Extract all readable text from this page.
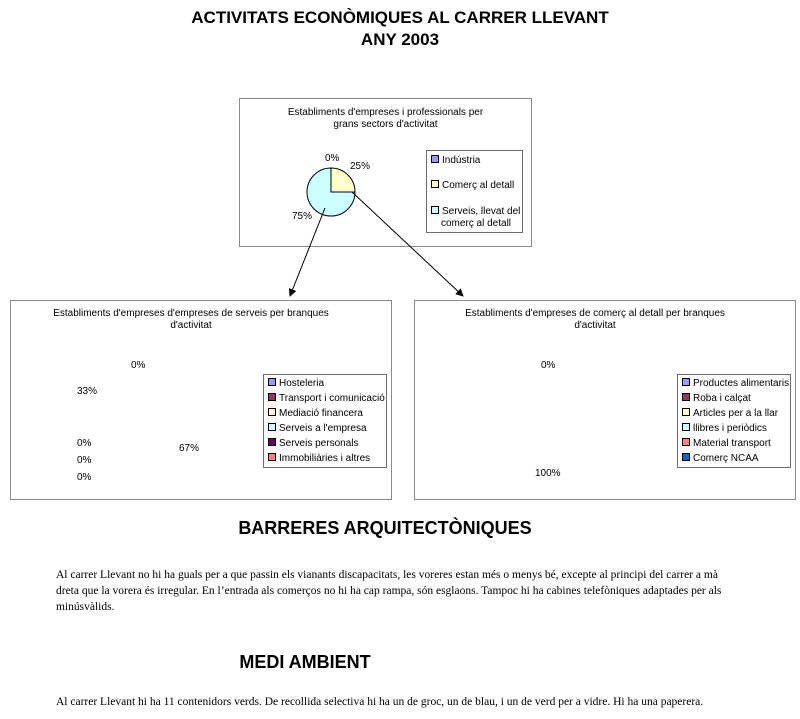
ACTIVITATS ECONÒMIQUES AL CARRER LLEVANT
ANY 2003
Establiments d'empreses i professionals per
grans sectors d'activitat
Indústria
Comerç al detall
Serveis, llevat del
comerç al detall
0%
25%
75%
Establiments d'empreses d'empreses de serveis per branques
d'activitat
Hosteleria
Transport i comunicació
Mediació financera
Serveis a l'empresa
Serveis personals
Immobiliàries i altres
0%
33%
0%
0%
0%
67%
Establiments d'empreses de comerç al detall per branques
d'activitat
Productes alimentaris
Roba i calçat
Articles per a la llar
llibres i periòdics
Material transport
Comerç NCAA
0%
100%
BARRERES ARQUITECTÒNIQUES
Al carrer Llevant no hi ha guals per a que passin els vianants discapacitats, les voreres estan més o menys bé, excepte al principi del carrer a mà
dreta que la vorera és irregular. En l’entrada als comerços no hi ha cap rampa, són esglaons. Tampoc hi ha cabines telefòniques adaptades per als
minúsvàlids.
MEDI AMBIENT
Al carrer Llevant hi ha 11 contenidors verds. De recollida selectiva hi ha un de groc, un de blau, i un de verd per a vidre. Hi ha una paperera.
